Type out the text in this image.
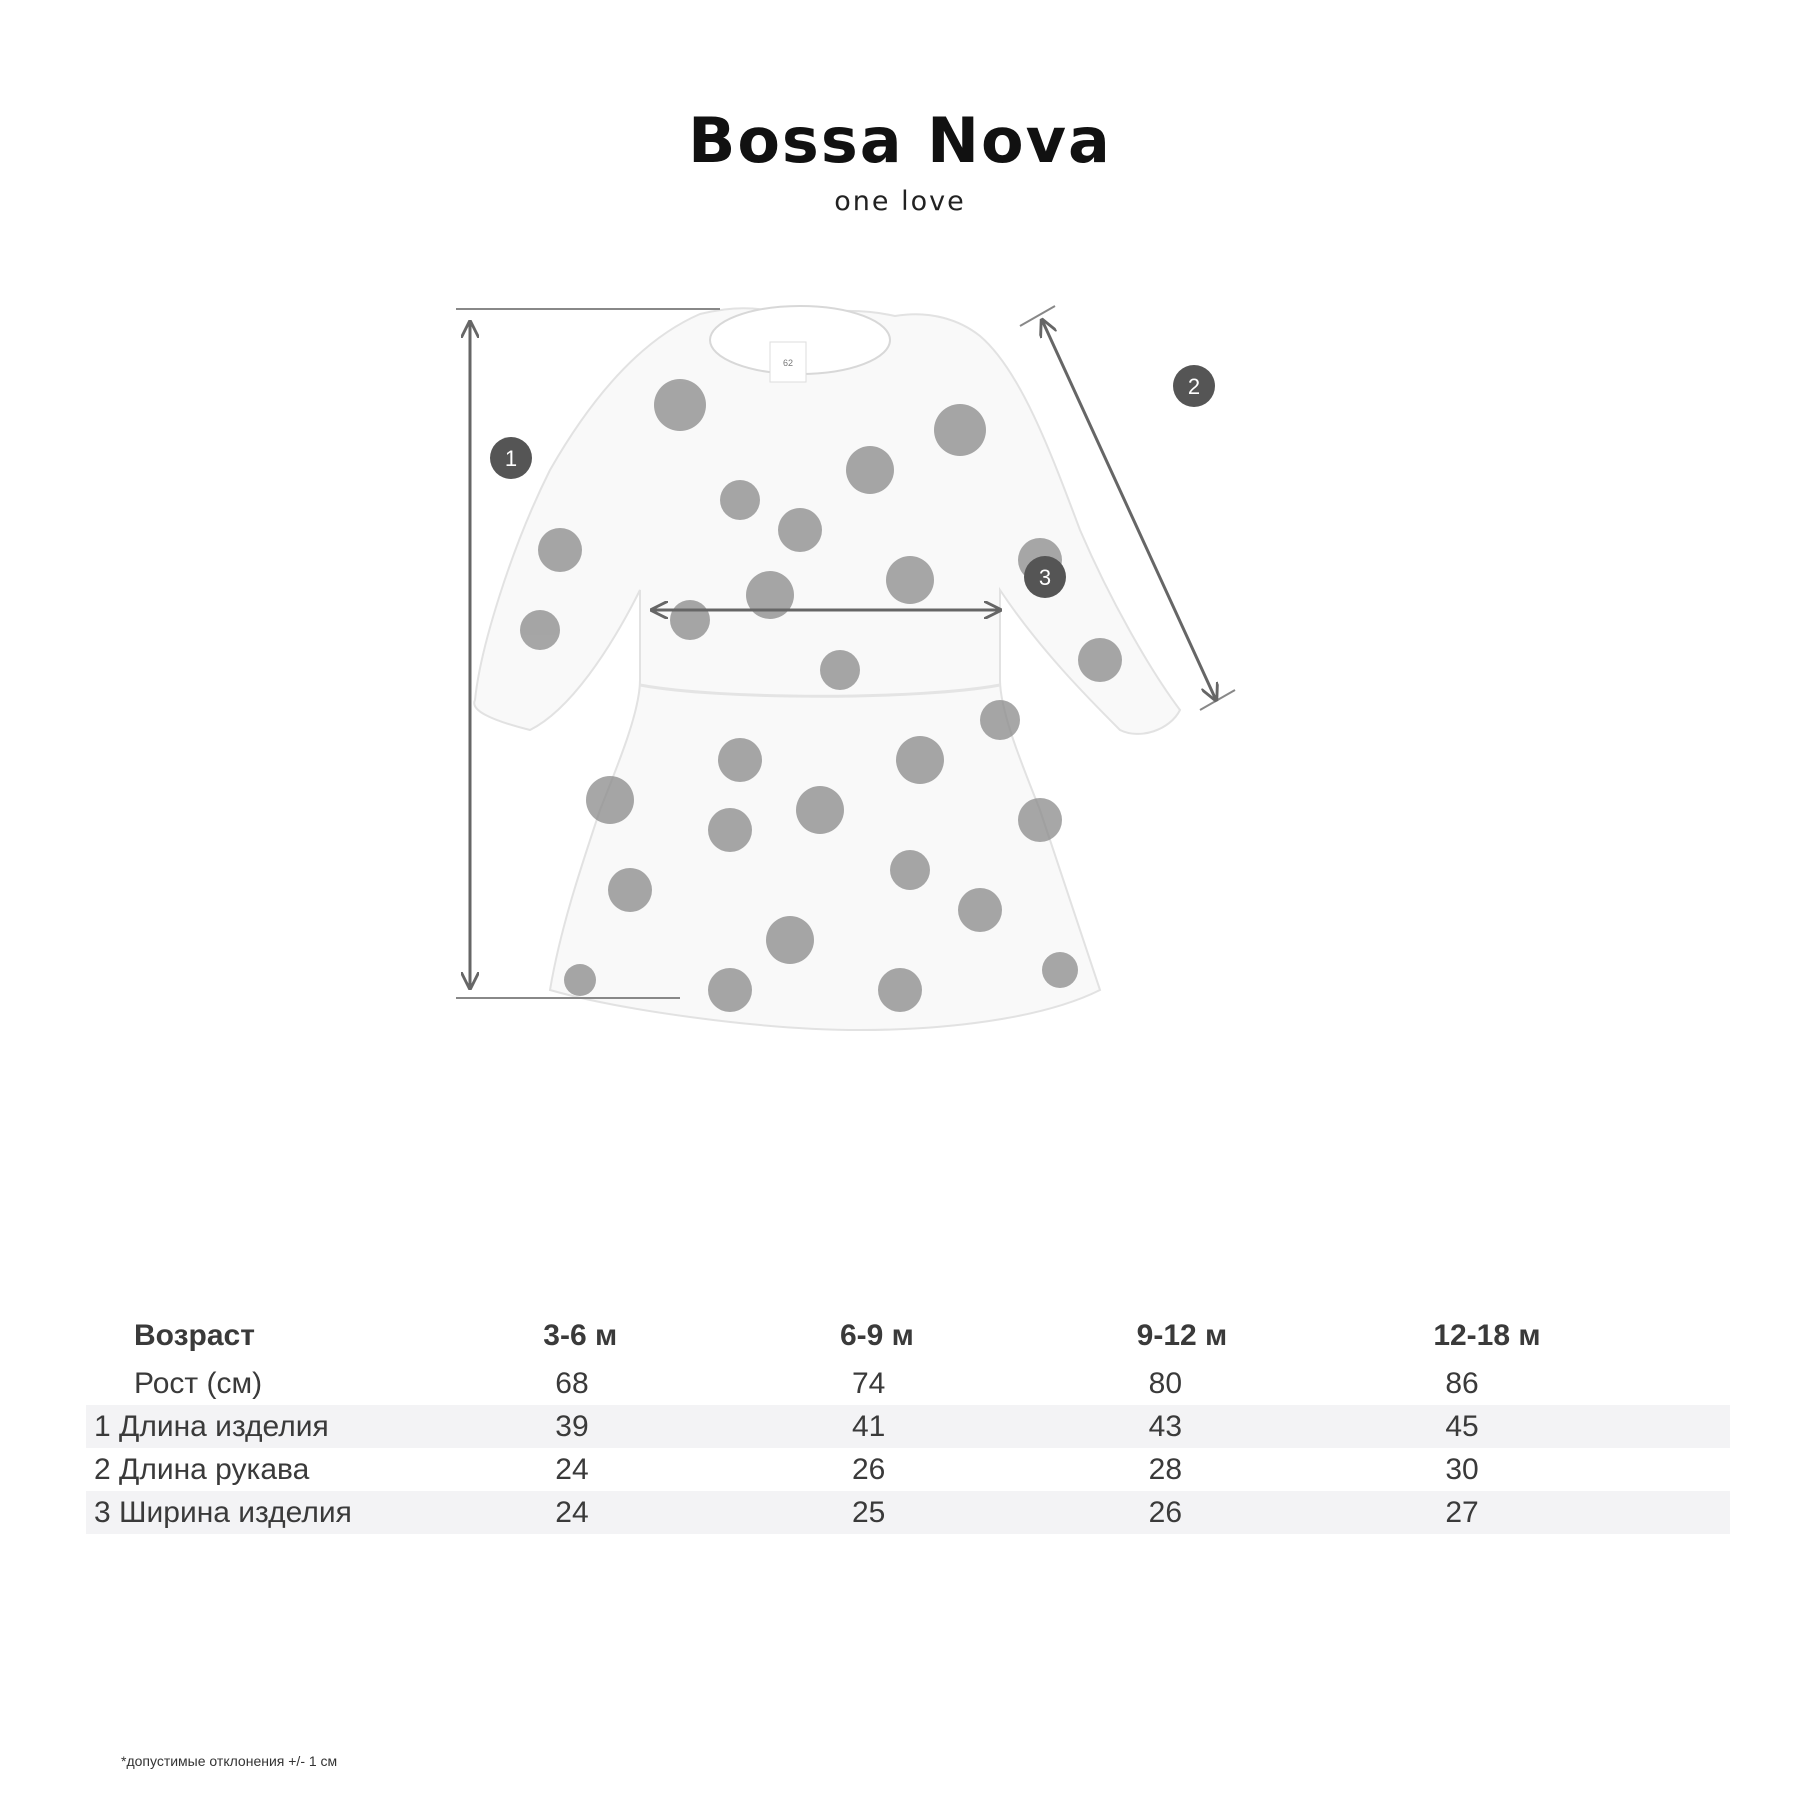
Bossa Nova
one love
62
1
2
3
Возраст	3-6 м	6-9 м	9-12 м	12-18 м
Рост (см)	68	74	80	86
1 Длина изделия	39	41	43	45
2 Длина рукава	24	26	28	30
3 Ширина изделия	24	25	26	27
*допустимые отклонения +/- 1 см
